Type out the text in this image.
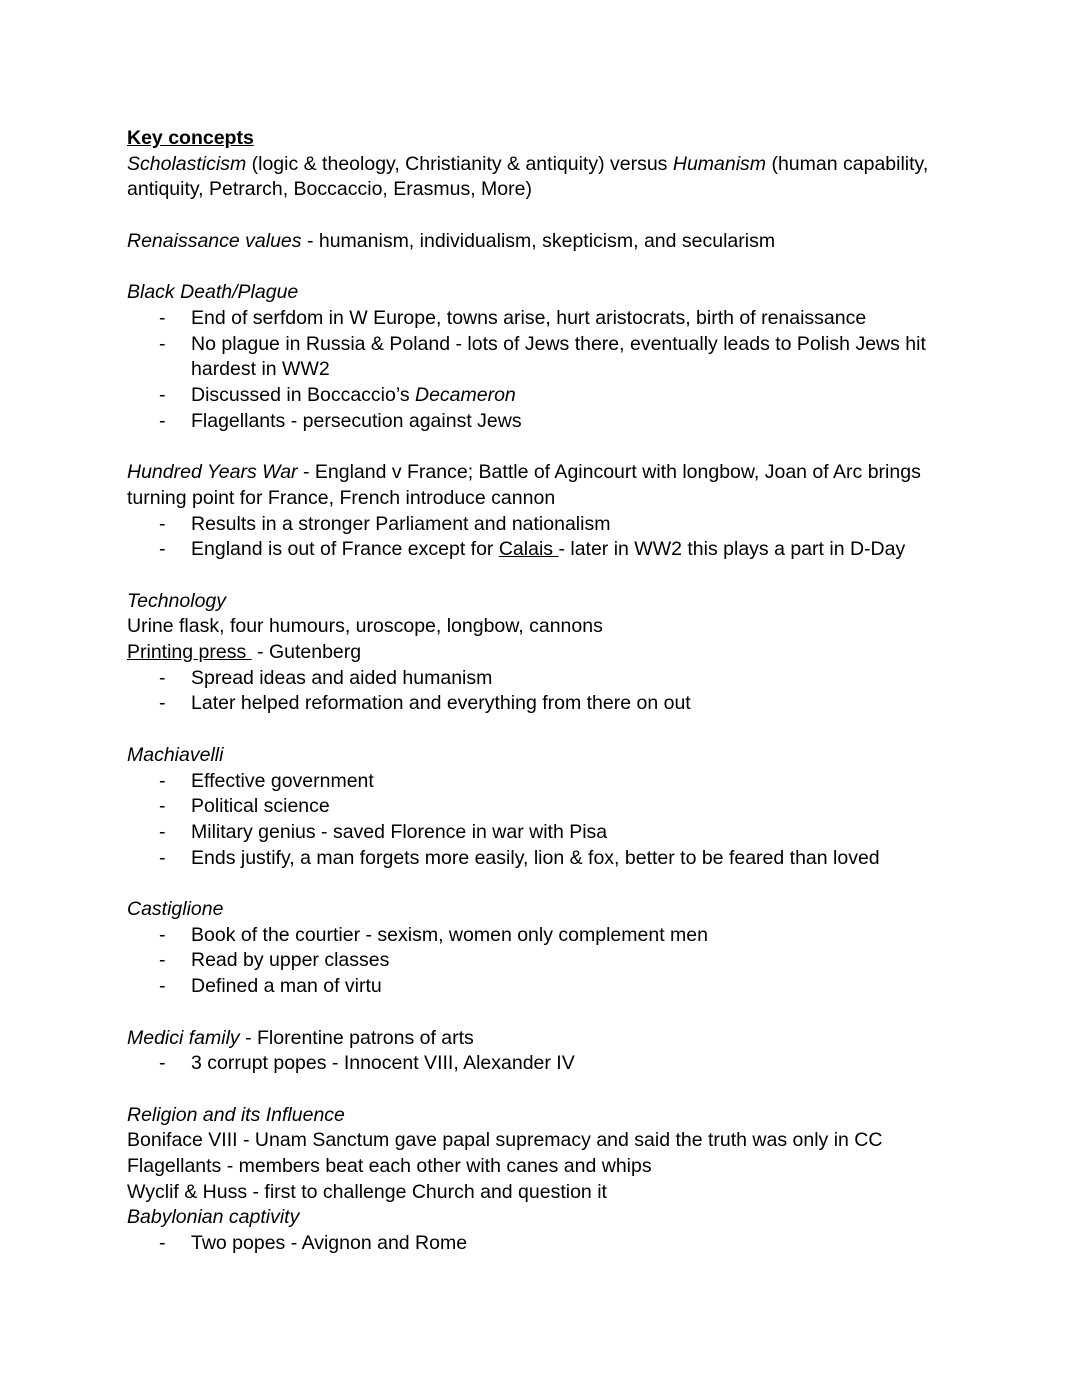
Key concepts
Scholasticism (logic & theology, Christianity & antiquity) versus Humanism (human capability, antiquity, Petrarch, Boccaccio, Erasmus, More)
Renaissance values - humanism, individualism, skepticism, and secularism
Black Death/Plague
-	End of serfdom in W Europe, towns arise, hurt aristocrats, birth of renaissance
-	No plague in Russia & Poland - lots of Jews there, eventually leads to Polish Jews hit hardest in WW2
-	Discussed in Boccaccio’s Decameron
-	Flagellants - persecution against Jews
Hundred Years War - England v France; Battle of Agincourt with longbow, Joan of Arc brings turning point for France, French introduce cannon
-	Results in a stronger Parliament and nationalism
-	England is out of France except for Calais - later in WW2 this plays a part in D-Day
Technology
Urine flask, four humours, uroscope, longbow, cannons
Printing press  - Gutenberg
-	Spread ideas and aided humanism
-	Later helped reformation and everything from there on out
Machiavelli
-	Effective government
-	Political science
-	Military genius - saved Florence in war with Pisa
-	Ends justify, a man forgets more easily, lion & fox, better to be feared than loved
Castiglione
-	Book of the courtier - sexism, women only complement men
-	Read by upper classes
-	Defined a man of virtu
Medici family - Florentine patrons of arts
-	3 corrupt popes - Innocent VIII, Alexander IV
Religion and its Influence
Boniface VIII - Unam Sanctum gave papal supremacy and said the truth was only in CC
Flagellants - members beat each other with canes and whips
Wyclif & Huss - first to challenge Church and question it
Babylonian captivity
-	Two popes - Avignon and Rome
